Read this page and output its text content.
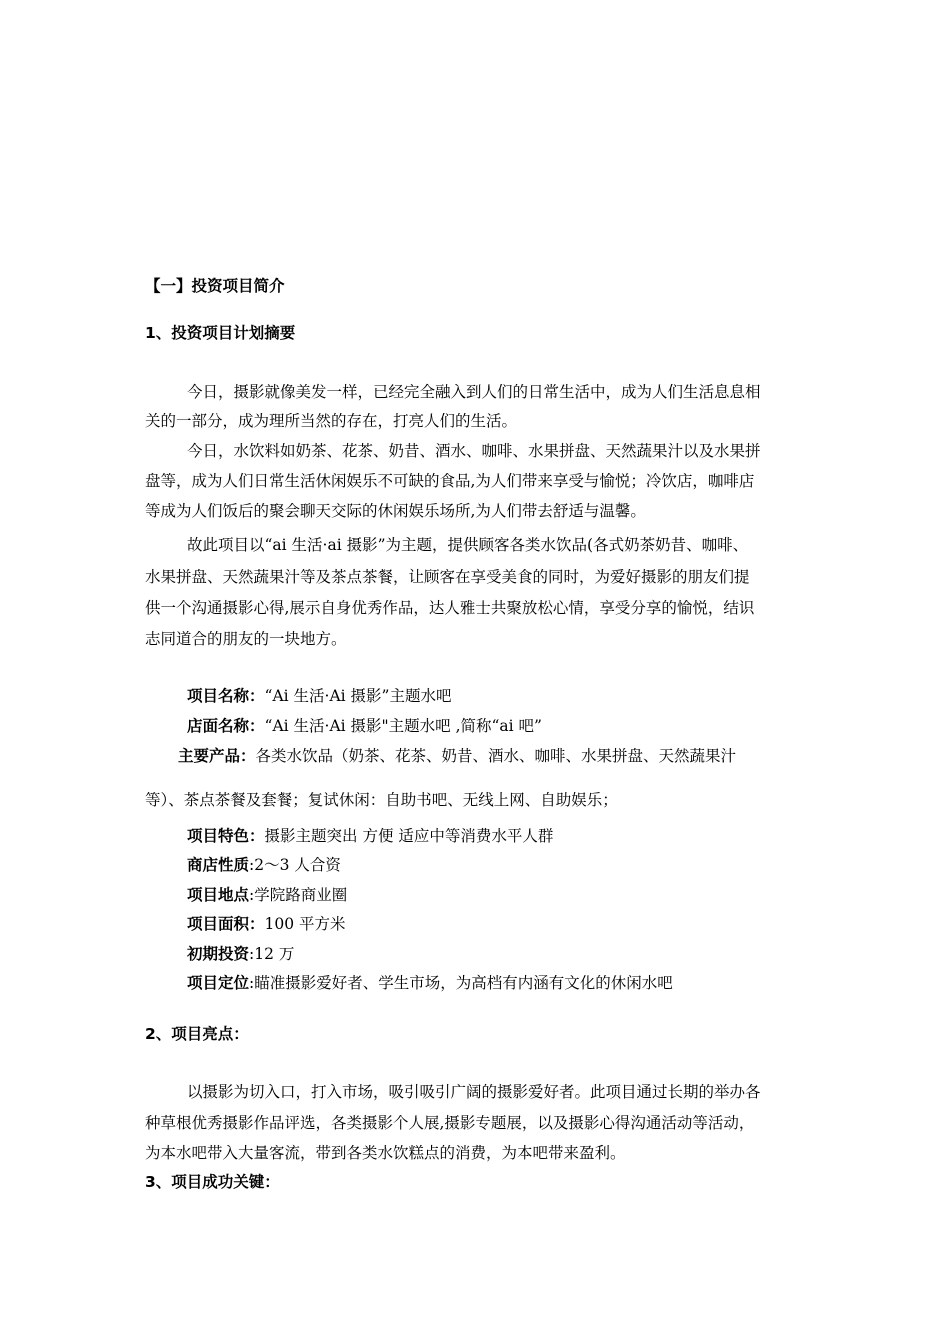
【一】投资项目简介
1、投资项目计划摘要
今日，摄影就像美发一样，已经完全融入到人们的日常生活中，成为人们生活息息相
关的一部分，成为理所当然的存在，打亮人们的生活。
今日，水饮料如奶茶、花茶、奶昔、酒水、咖啡、水果拼盘、天然蔬果汁以及水果拼
盘等，成为人们日常生活休闲娱乐不可缺的食品,为人们带来享受与愉悦；冷饮店，咖啡店
等成为人们饭后的聚会聊天交际的休闲娱乐场所,为人们带去舒适与温馨。
故此项目以“ai 生活·ai 摄影”为主题，提供顾客各类水饮品(各式奶茶奶昔、咖啡、
水果拼盘、天然蔬果汁等及茶点茶餐，让顾客在享受美食的同时，为爱好摄影的朋友们提
供一个沟通摄影心得,展示自身优秀作品，达人雅士共聚放松心情，享受分享的愉悦，结识
志同道合的朋友的一块地方。
项目名称：“Ai 生活·Ai 摄影”主题水吧
店面名称：“Ai 生活·Ai 摄影"主题水吧 ,简称“ai 吧”
主要产品：各类水饮品（奶茶、花茶、奶昔、酒水、咖啡、水果拼盘、天然蔬果汁
等）、茶点茶餐及套餐；复试休闲：自助书吧、无线上网、自助娱乐；
项目特色：摄影主题突出 方便 适应中等消费水平人群
商店性质:2～3 人合资
项目地点:学院路商业圈
项目面积：100 平方米
初期投资:12 万
项目定位:瞄准摄影爱好者、学生市场，为高档有内涵有文化的休闲水吧
2、项目亮点：
以摄影为切入口，打入市场，吸引吸引广阔的摄影爱好者。此项目通过长期的举办各
种草根优秀摄影作品评选，各类摄影个人展,摄影专题展，以及摄影心得沟通活动等活动，
为本水吧带入大量客流，带到各类水饮糕点的消费，为本吧带来盈利。
3、项目成功关键：
